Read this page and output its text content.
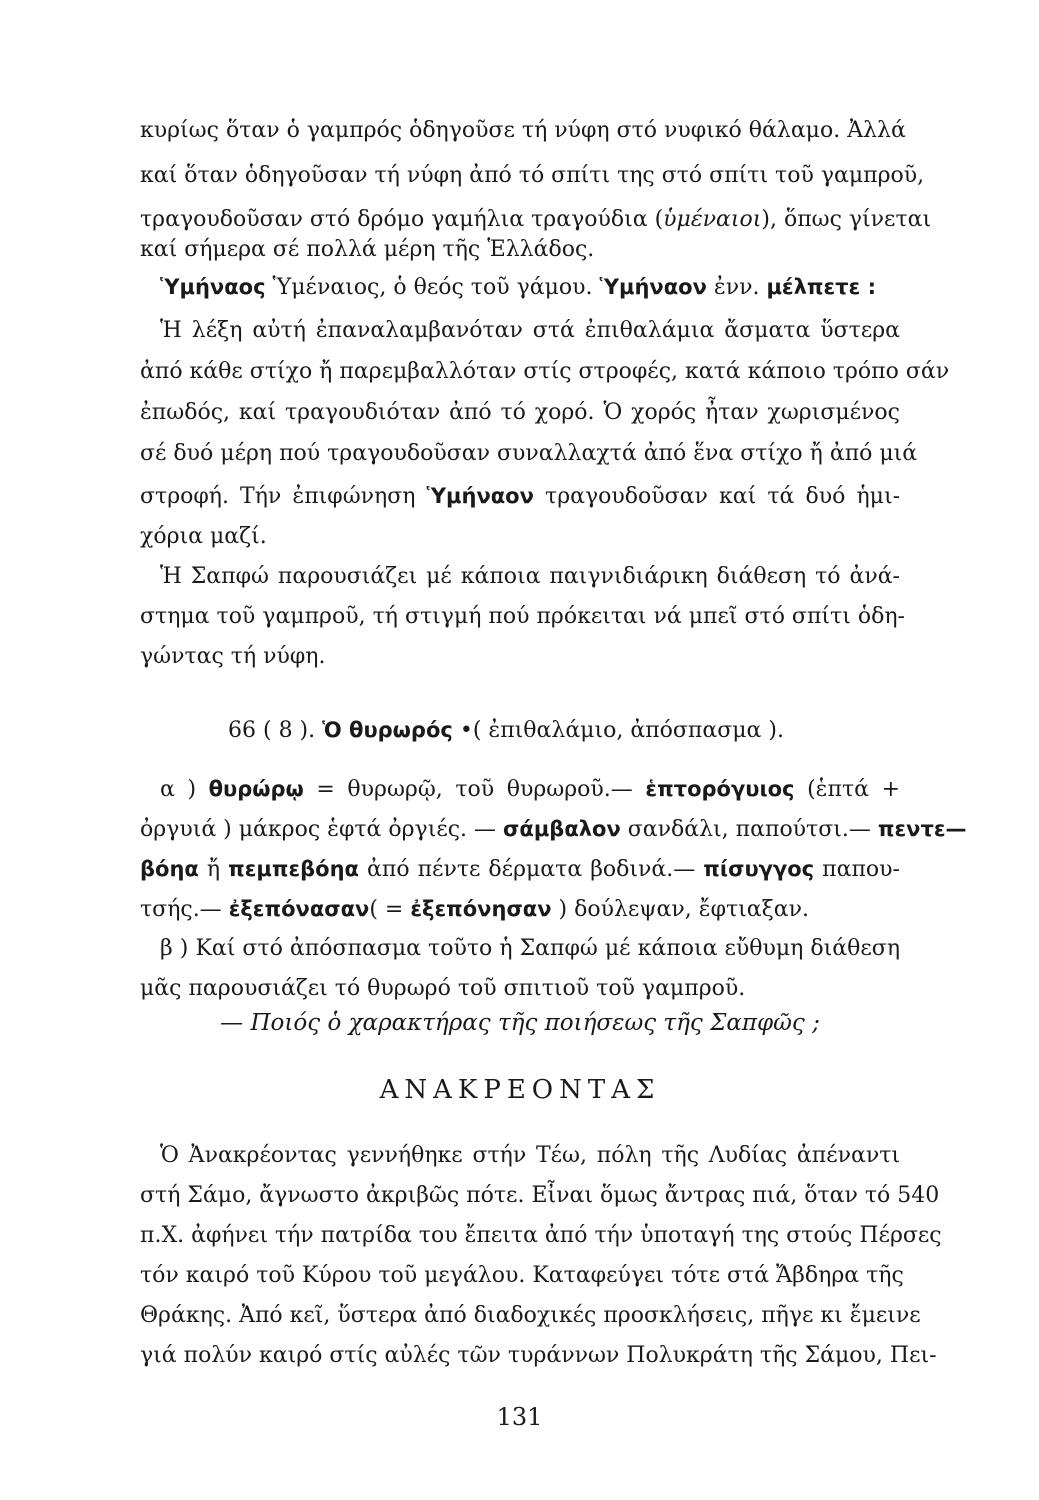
κυρίως ὅταν ὁ γαμπρός ὁδηγοῦσε τή νύφη στό νυφικό θάλαμο. Ἀλλά
καί ὅταν ὁδηγοῦσαν τή νύφη ἀπό τό σπίτι της στό σπίτι τοῦ γαμπροῦ,
τραγουδοῦσαν στό δρόμο γαμήλια τραγούδια (ὑμέναιοι), ὅπως γίνεται
καί σήμερα σέ πολλά μέρη τῆς Ἑλλάδος.
Ὑμήναος Ὑμέναιος, ὁ θεός τοῦ γάμου. Ὑμήναον ἐνν. μέλπετε :
Ἡ λέξη αὐτή ἐπαναλαμβανόταν στά ἐπιθαλάμια ἄσματα ὕστερα
ἀπό κάθε στίχο ἤ παρεμβαλλόταν στίς στροφές, κατά κάποιο τρόπο σάν
ἐπωδός, καί τραγουδιόταν ἀπό τό χορό. Ὁ χορός ἦταν χωρισμένος
σέ δυό μέρη πού τραγουδοῦσαν συναλλαχτά ἀπό ἕνα στίχο ἤ ἀπό μιά
στροφή. Τήν ἐπιφώνηση Ὑμήναον τραγουδοῦσαν καί τά δυό ἡμι-
χόρια μαζί.
Ἡ Σαπφώ παρουσιάζει μέ κάποια παιγνιδιάρικη διάθεση τό ἀνά-
στημα τοῦ γαμπροῦ, τή στιγμή πού πρόκειται νά μπεῖ στό σπίτι ὁδη-
γώντας τή νύφη.
66 ( 8 ). Ὁ θυρωρός •( ἐπιθαλάμιο, ἀπόσπασμα ).
α ) θυρώρῳ = θυρωρῷ, τοῦ θυρωροῦ.— ἑπτορόγυιος (ἑπτά +
ὀργυιά ) μάκρος ἑφτά ὀργιές. — σάμβαλον σανδάλι, παπούτσι.— πεντε—
βόηα ἤ πεμπεβόηα ἀπό πέντε δέρματα βοδινά.— πίσυγγος παπου-
τσής.— ἐξεπόνασαν( = ἐξεπόνησαν ) δούλεψαν, ἔφτιαξαν.
β ) Καί στό ἀπόσπασμα τοῦτο ἡ Σαπφώ μέ κάποια εὔθυμη διάθεση
μᾶς παρουσιάζει τό θυρωρό τοῦ σπιτιοῦ τοῦ γαμπροῦ.
— Ποιός ὁ χαρακτήρας τῆς ποιήσεως τῆς Σαπφῶς ;
ΑΝΑΚΡΕΟΝΤΑΣ
Ὁ Ἀνακρέοντας γεννήθηκε στήν Τέω, πόλη τῆς Λυδίας ἀπέναντι
στή Σάμο, ἄγνωστο ἀκριβῶς πότε. Εἶναι ὅμως ἄντρας πιά, ὅταν τό 540
π.Χ. ἀφήνει τήν πατρίδα του ἔπειτα ἀπό τήν ὑποταγή της στούς Πέρσες
τόν καιρό τοῦ Κύρου τοῦ μεγάλου. Καταφεύγει τότε στά Ἄβδηρα τῆς
Θράκης. Ἀπό κεῖ, ὕστερα ἀπό διαδοχικές προσκλήσεις, πῆγε κι ἔμεινε
γιά πολύν καιρό στίς αὐλές τῶν τυράννων Πολυκράτη τῆς Σάμου, Πει-
131
